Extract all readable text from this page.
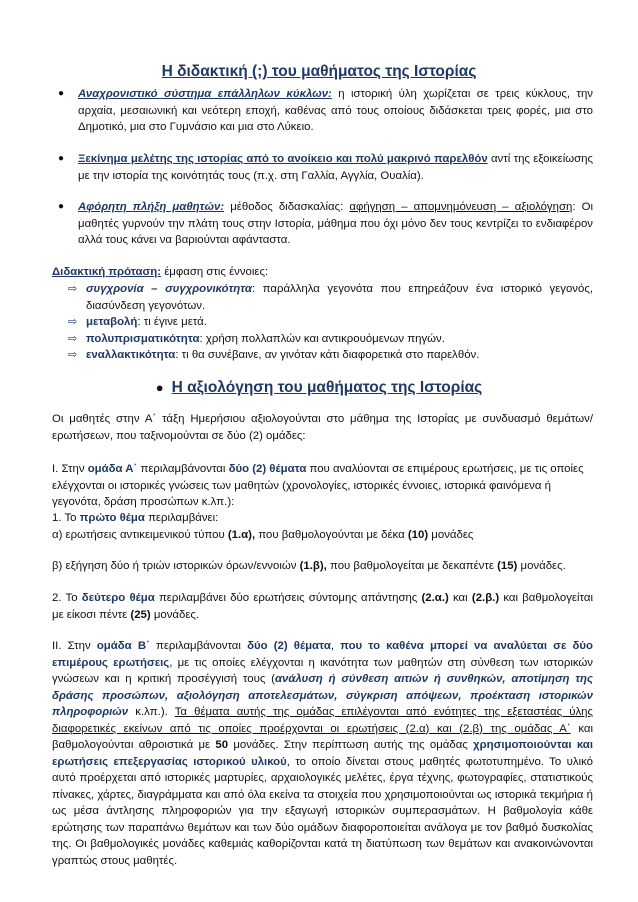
Η διδακτική (;) του μαθήματος της Ιστορίας
● Αναχρονιστικό σύστημα επάλληλων κύκλων: η ιστορική ύλη χωρίζεται σε τρεις κύκλους, την αρχαία, μεσαιωνική και νεότερη εποχή, καθένας από τους οποίους διδάσκεται τρεις φορές, μια στο Δημοτικό, μια στο Γυμνάσιο και μια στο Λύκειο.
● Ξεκίνημα μελέτης της ιστορίας από το ανοίκειο και πολύ μακρινό παρελθόν αντί της εξοικείωσης με την ιστορία της κοινότητάς τους (π.χ. στη Γαλλία, Αγγλία, Ουαλία).
● Αφόρητη πλήξη μαθητών: μέθοδος διδασκαλίας: αφήγηση – απομνημόνευση – αξιολόγηση: Οι μαθητές γυρνούν την πλάτη τους στην Ιστορία, μάθημα που όχι μόνο δεν τους κεντρίζει το ενδιαφέρον αλλά τους κάνει να βαριούνται αφάνταστα.
Διδακτική πρόταση: έμφαση στις έννοιες:
⇨ συγχρονία – συγχρονικότητα: παράλληλα γεγονότα που επηρεάζουν ένα ιστορικό γεγονός, διασύνδεση γεγονότων.
⇨ μεταβολή: τι έγινε μετά.
⇨ πολυπρισματικότητα: χρήση πολλαπλών και αντικρουόμενων πηγών.
⇨ εναλλακτικότητα: τι θα συνέβαινε, αν γινόταν κάτι διαφορετικά στο παρελθόν.
● Η αξιολόγηση του μαθήματος της Ιστορίας
Οι μαθητές στην Α΄ τάξη Ημερήσιου αξιολογούνται στο μάθημα της Ιστορίας με συνδυασμό θεμάτων/ερωτήσεων, που ταξινομούνται σε δύο (2) ομάδες:
Ι. Στην ομάδα Α΄ περιλαμβάνονται δύο (2) θέματα που αναλύονται σε επιμέρους ερωτήσεις, με τις οποίες ελέγχονται οι ιστορικές γνώσεις των μαθητών (χρονολογίες, ιστορικές έννοιες, ιστορικά φαινόμενα ή γεγονότα, δράση προσώπων κ.λπ.):
1. Το πρώτο θέμα περιλαμβάνει:
α) ερωτήσεις αντικειμενικού τύπου (1.α), που βαθμολογούνται με δέκα (10) μονάδες
β) εξήγηση δύο ή τριών ιστορικών όρων/εννοιών (1.β), που βαθμολογείται με δεκαπέντε (15) μονάδες.
2. Το δεύτερο θέμα περιλαμβάνει δύο ερωτήσεις σύντομης απάντησης (2.α.) και (2.β.) και βαθμολογείται με είκοσι πέντε (25) μονάδες.
ΙΙ. Στην ομάδα Β΄ περιλαμβάνονται δύο (2) θέματα, που το καθένα μπορεί να αναλύεται σε δύο επιμέρους ερωτήσεις, με τις οποίες ελέγχονται η ικανότητα των μαθητών στη σύνθεση των ιστορικών γνώσεων και η κριτική προσέγγισή τους (ανάλυση ή σύνθεση αιτιών ή συνθηκών, αποτίμηση της δράσης προσώπων, αξιολόγηση αποτελεσμάτων, σύγκριση απόψεων, προέκταση ιστορικών πληροφοριών κ.λπ.). Τα θέματα αυτής της ομάδας επιλέγονται από ενότητες της εξεταστέας ύλης διαφορετικές εκείνων από τις οποίες προέρχονται οι ερωτήσεις (2.α) και (2.β) της ομάδας Α΄ και βαθμολογούνται αθροιστικά με 50 μονάδες. Στην περίπτωση αυτής της ομάδας χρησιμοποιούνται και ερωτήσεις επεξεργασίας ιστορικού υλικού, το οποίο δίνεται στους μαθητές φωτοτυπημένο. Το υλικό αυτό προέρχεται από ιστορικές μαρτυρίες, αρχαιολογικές μελέτες, έργα τέχνης, φωτογραφίες, στατιστικούς πίνακες, χάρτες, διαγράμματα και από όλα εκείνα τα στοιχεία που χρησιμοποιούνται ως ιστορικά τεκμήρια ή ως μέσα άντλησης πληροφοριών για την εξαγωγή ιστορικών συμπερασμάτων. Η βαθμολογία κάθε ερώτησης των παραπάνω θεμάτων και των δύο ομάδων διαφοροποιείται ανάλογα με τον βαθμό δυσκολίας της. Οι βαθμολογικές μονάδες καθεμιάς καθορίζονται κατά τη διατύπωση των θεμάτων και ανακοινώνονται γραπτώς στους μαθητές.
